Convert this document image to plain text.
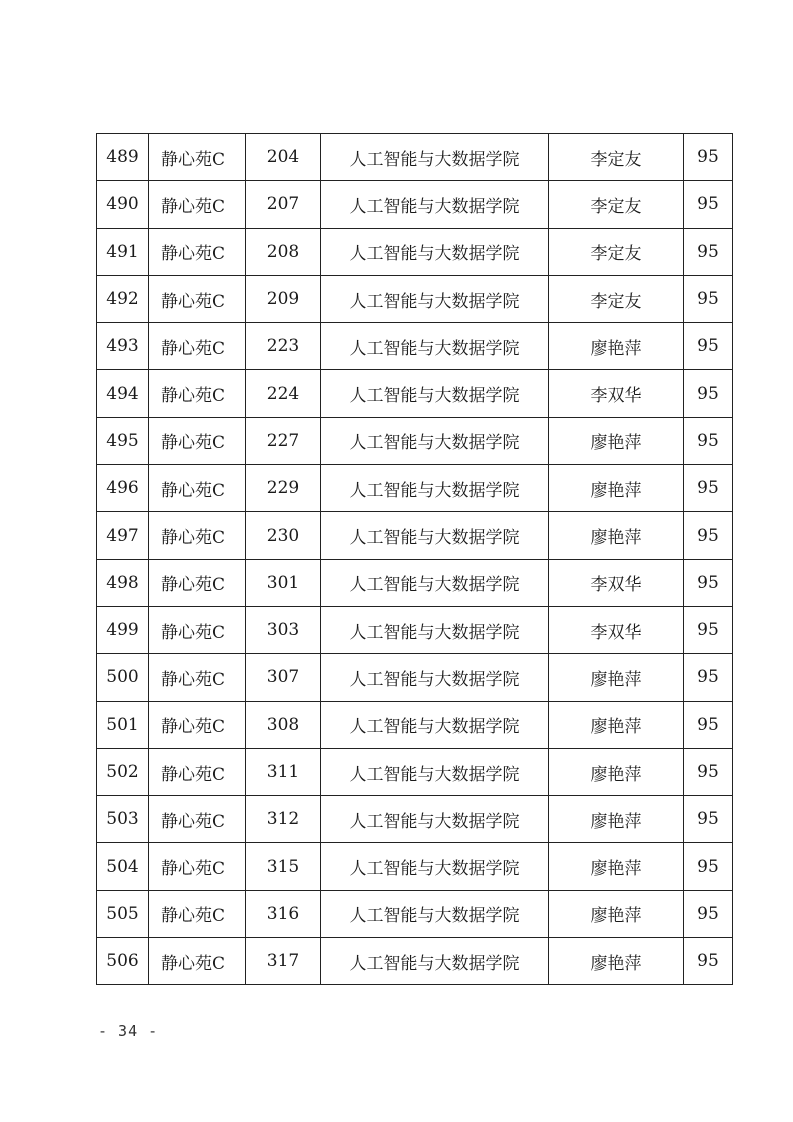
489	静心苑C	204	人工智能与大数据学院	李定友	95
490	静心苑C	207	人工智能与大数据学院	李定友	95
491	静心苑C	208	人工智能与大数据学院	李定友	95
492	静心苑C	209	人工智能与大数据学院	李定友	95
493	静心苑C	223	人工智能与大数据学院	廖艳萍	95
494	静心苑C	224	人工智能与大数据学院	李双华	95
495	静心苑C	227	人工智能与大数据学院	廖艳萍	95
496	静心苑C	229	人工智能与大数据学院	廖艳萍	95
497	静心苑C	230	人工智能与大数据学院	廖艳萍	95
498	静心苑C	301	人工智能与大数据学院	李双华	95
499	静心苑C	303	人工智能与大数据学院	李双华	95
500	静心苑C	307	人工智能与大数据学院	廖艳萍	95
501	静心苑C	308	人工智能与大数据学院	廖艳萍	95
502	静心苑C	311	人工智能与大数据学院	廖艳萍	95
503	静心苑C	312	人工智能与大数据学院	廖艳萍	95
504	静心苑C	315	人工智能与大数据学院	廖艳萍	95
505	静心苑C	316	人工智能与大数据学院	廖艳萍	95
506	静心苑C	317	人工智能与大数据学院	廖艳萍	95
- 34 -
